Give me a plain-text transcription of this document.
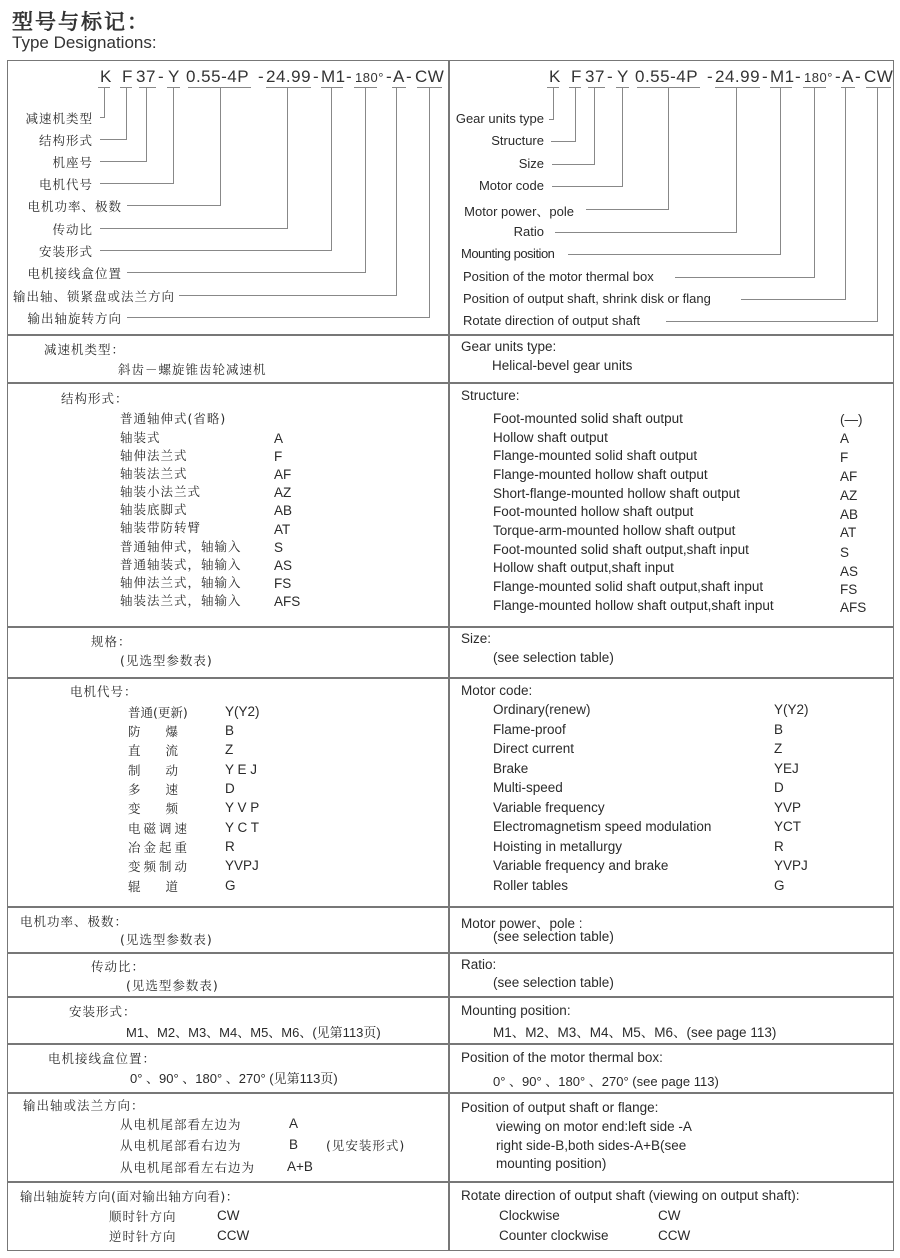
型号与标记：
Type Designations:
K F 37 - Y 0.55-4P - 24.99 - M1 - 180° - A - CW
减速机类型
结构形式
机座号
电机代号
电机功率、极数
传动比
安装形式
电机接线盒位置
输出轴、锁紧盘或法兰方向
输出轴旋转方向
K F 37 - Y 0.55-4P - 24.99 - M1 - 180° - A - CW
Gear units type
Structure
Size
Motor code
Motor power、pole
Ratio
Mounting position
Position of the motor thermal box
Position of output shaft, shrink disk or flang
Rotate direction of output shaft
减速机类型：
斜齿－螺旋锥齿轮减速机
Gear units type:
Helical-bevel gear units
结构形式：
普通轴伸式(省略)
轴装式	A
轴伸法兰式	F
轴装法兰式	AF
轴装小法兰式	AZ
轴装底脚式	AB
轴装带防转臂	AT
普通轴伸式，轴输入 S
普通轴装式，轴输入 AS
轴伸法兰式，轴输入 FS
轴装法兰式，轴输入 AFS
Structure:
Foot-mounted solid shaft output	(—)
Hollow shaft output	A
Flange-mounted solid shaft output	F
Flange-mounted hollow shaft output	AF
Short-flange-mounted hollow shaft output	AZ
Foot-mounted hollow shaft output	AB
Torque-arm-mounted hollow shaft output	AT
Foot-mounted solid shaft output,shaft input	S
Hollow shaft output,shaft input	AS
Flange-mounted solid shaft output,shaft input	FS
Flange-mounted hollow shaft output,shaft input	AFS
规格：
(见选型参数表)
Size:
(see selection table)
电机代号：
普通(更新)	Y(Y2)
防　　爆	B
直　　流	Z
制　　动	Y E J
多　　速	D
变　　频	Y V P
电磁调速	Y C T
冶金起重	R
变频制动	YVPJ
辊　　道	G
Motor code:
Ordinary(renew)	Y(Y2)
Flame-proof	B
Direct current	Z
Brake	YEJ
Multi-speed	D
Variable frequency	YVP
Electromagnetism speed modulation	YCT
Hoisting in metallurgy	R
Variable frequency and brake	YVPJ
Roller tables	G
电机功率、极数：
(见选型参数表)
Motor power、pole :
(see selection table)
传动比：
(见选型参数表)
Ratio:
(see selection table)
安装形式：
M1、M2、M3、M4、M5、M6、(见第113页)
Mounting position:
M1、M2、M3、M4、M5、M6、(see page 113)
电机接线盒位置：
0° 、90° 、180° 、270° (见第113页)
Position of the motor thermal box:
0° 、90° 、180° 、270° (see page 113)
输出轴或法兰方向：
从电机尾部看左边为	A
从电机尾部看右边为	B (见安装形式)
从电机尾部看左右边为 A+B
Position of output shaft or flange:
viewing on motor end:left side -A
right side-B,both sides-A+B(see
mounting position)
输出轴旋转方向(面对输出轴方向看)：
顺时针方向	CW
逆时针方向	CCW
Rotate direction of output shaft (viewing on output shaft):
Clockwise	CW
Counter clockwise	CCW
